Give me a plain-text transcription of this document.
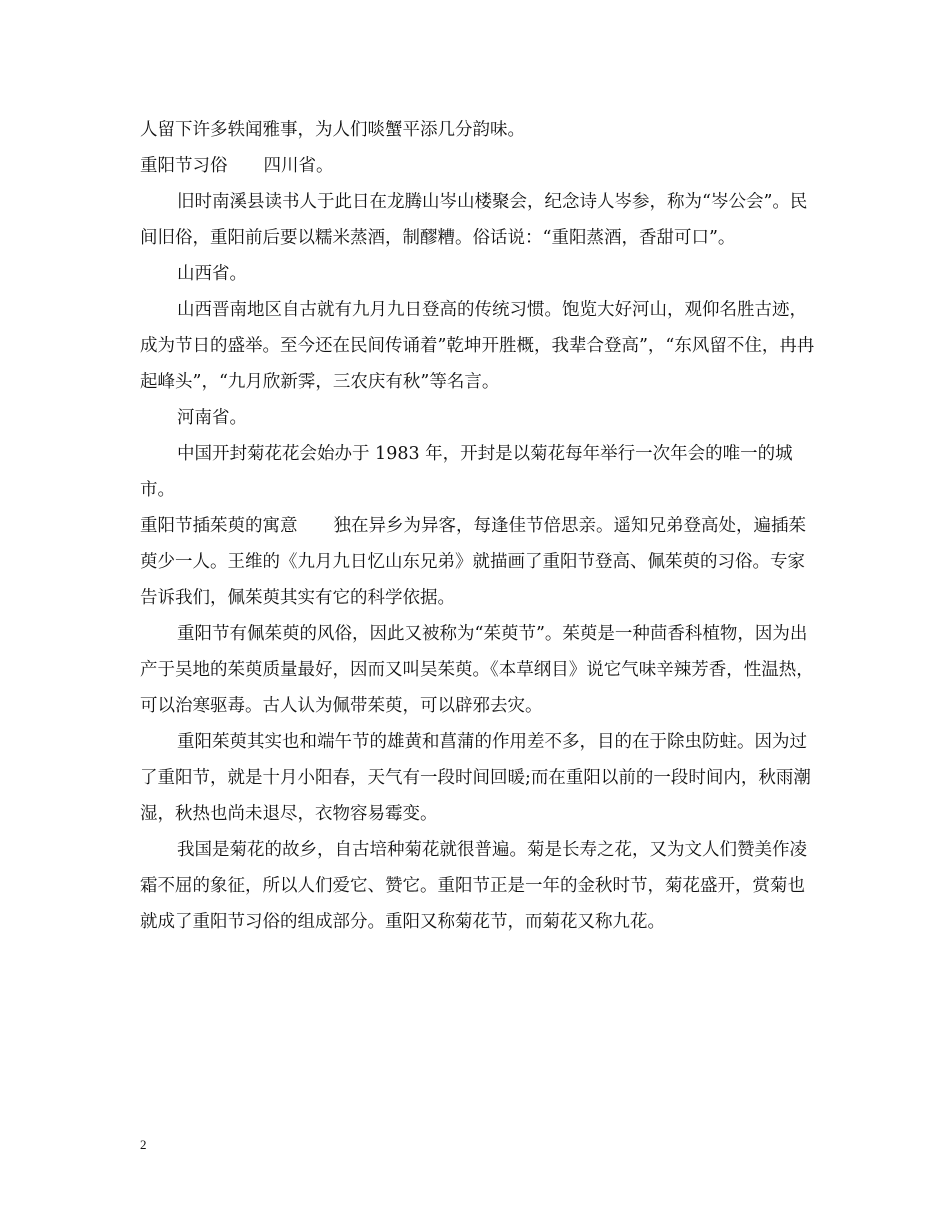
人留下许多轶闻雅事，为人们啖蟹平添几分韵味。

重阳节习俗 四川省。

旧时南溪县读书人于此日在龙腾山岑山楼聚会，纪念诗人岑参，称为“岑公会”。民间旧俗，重阳前后要以糯米蒸酒，制醪糟。俗话说：“重阳蒸酒，香甜可口”。

山西省。

山西晋南地区自古就有九月九日登高的传统习惯。饱览大好河山，观仰名胜古迹，成为节日的盛举。至今还在民间传诵着”乾坤开胜概，我辈合登高”，“东风留不住，冉冉起峰头”，“九月欣新霁，三农庆有秋”等名言。

河南省。

中国开封菊花花会始办于 1983 年，开封是以菊花每年举行一次年会的唯一的城市。

重阳节插茱萸的寓意 独在异乡为异客，每逢佳节倍思亲。遥知兄弟登高处，遍插茱萸少一人。王维的《九月九日忆山东兄弟》就描画了重阳节登高、佩茱萸的习俗。专家告诉我们，佩茱萸其实有它的科学依据。

重阳节有佩茱萸的风俗，因此又被称为“茱萸节”。茱萸是一种茴香科植物，因为出产于吴地的茱萸质量最好，因而又叫吴茱萸。《本草纲目》说它气味辛辣芳香，性温热，可以治寒驱毒。古人认为佩带茱萸，可以辟邪去灾。

重阳茱萸其实也和端午节的雄黄和菖蒲的作用差不多，目的在于除虫防蛀。因为过了重阳节，就是十月小阳春，天气有一段时间回暖;而在重阳以前的一段时间内，秋雨潮湿，秋热也尚未退尽，衣物容易霉变。

我国是菊花的故乡，自古培种菊花就很普遍。菊是长寿之花，又为文人们赞美作凌霜不屈的象征，所以人们爱它、赞它。重阳节正是一年的金秋时节，菊花盛开，赏菊也就成了重阳节习俗的组成部分。重阳又称菊花节，而菊花又称九花。

2
